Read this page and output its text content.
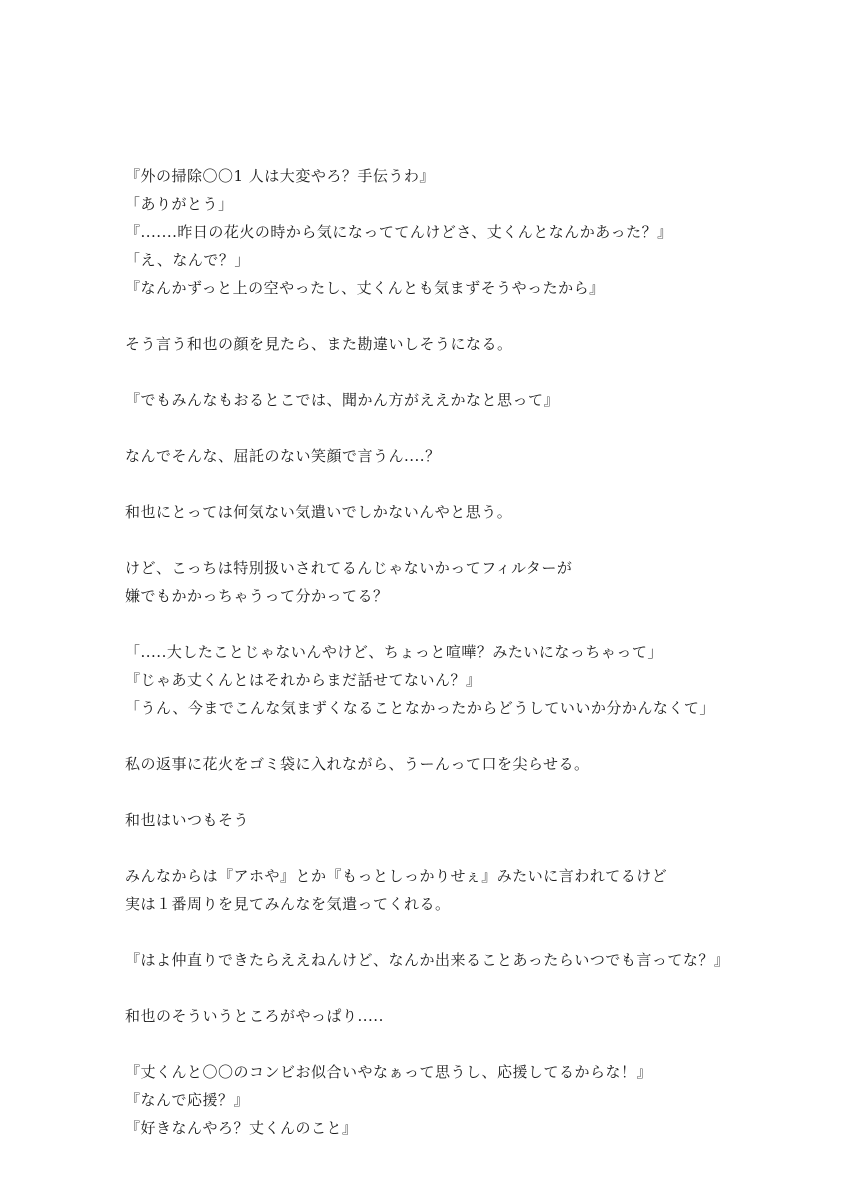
『外の掃除〇〇1 人は大変やろ？手伝うわ』
「ありがとう」
『.......昨日の花火の時から気になっててんけどさ、丈くんとなんかあった？』
「え、なんで？」
『なんかずっと上の空やったし、丈くんとも気まずそうやったから』
そう言う和也の顔を見たら、また勘違いしそうになる。
『でもみんなもおるとこでは、聞かん方がええかなと思って』
なんでそんな、屈託のない笑顔で言うん....？
和也にとっては何気ない気遣いでしかないんやと思う。
けど、こっちは特別扱いされてるんじゃないかってフィルターが
嫌でもかかっちゃうって分かってる？
「.....大したことじゃないんやけど、ちょっと喧嘩？みたいになっちゃって」
『じゃあ丈くんとはそれからまだ話せてないん？』
「うん、今までこんな気まずくなることなかったからどうしていいか分かんなくて」
私の返事に花火をゴミ袋に入れながら、うーんって口を尖らせる。
和也はいつもそう
みんなからは『アホや』とか『もっとしっかりせぇ』みたいに言われてるけど
実は１番周りを見てみんなを気遣ってくれる。
『はよ仲直りできたらええねんけど、なんか出来ることあったらいつでも言ってな？』
和也のそういうところがやっぱり.....
『丈くんと〇〇のコンビお似合いやなぁって思うし、応援してるからな！』
『なんで応援？』
『好きなんやろ？丈くんのこと』
